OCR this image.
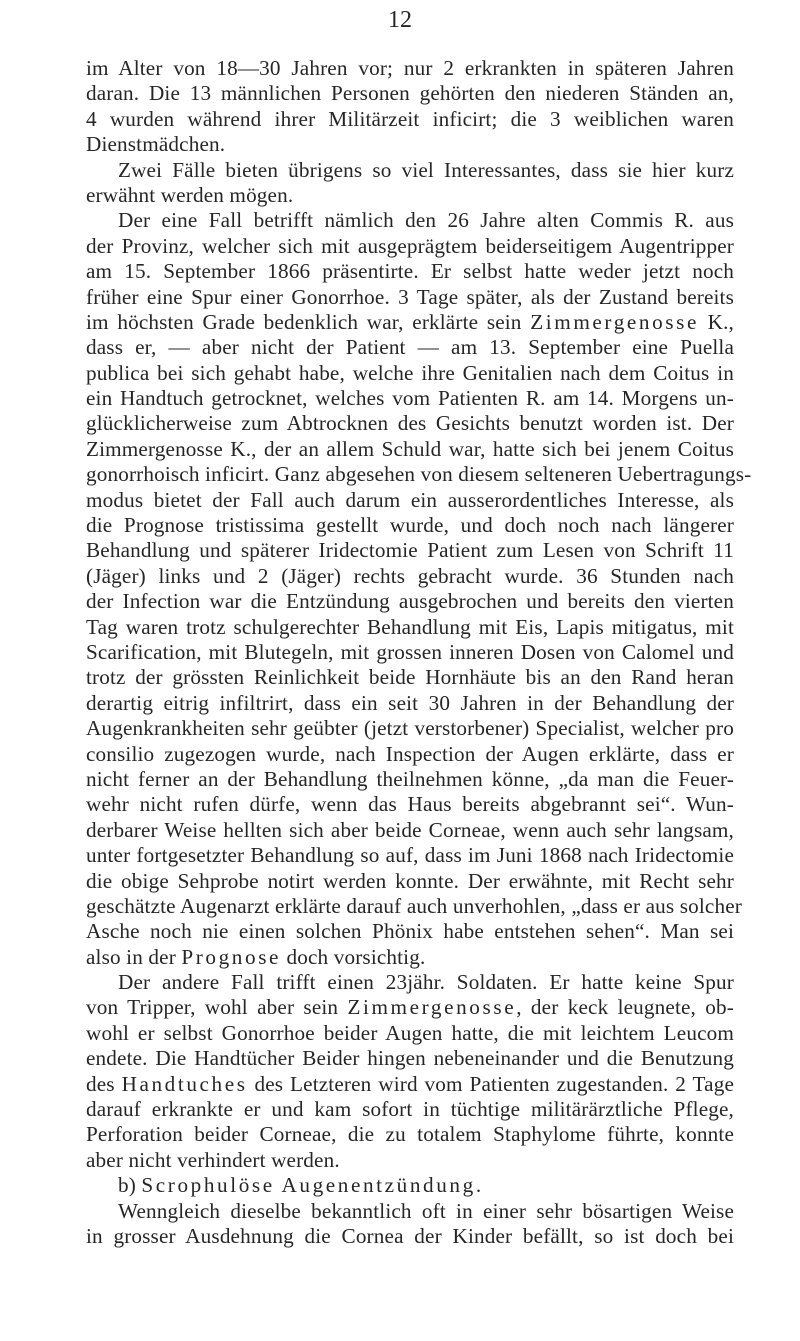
12
im Alter von 18—30 Jahren vor; nur 2 erkrankten in späteren Jahren
daran. Die 13 männlichen Personen gehörten den niederen Ständen an,
4 wurden während ihrer Militärzeit inficirt; die 3 weiblichen waren
Dienstmädchen.
Zwei Fälle bieten übrigens so viel Interessantes, dass sie hier kurz
erwähnt werden mögen.
Der eine Fall betrifft nämlich den 26 Jahre alten Commis R. aus
der Provinz, welcher sich mit ausgeprägtem beiderseitigem Augentripper
am 15. September 1866 präsentirte. Er selbst hatte weder jetzt noch
früher eine Spur einer Gonorrhoe. 3 Tage später, als der Zustand bereits
im höchsten Grade bedenklich war, erklärte sein Zimmergenosse K.,
dass er, — aber nicht der Patient — am 13. September eine Puella
publica bei sich gehabt habe, welche ihre Genitalien nach dem Coitus in
ein Handtuch getrocknet, welches vom Patienten R. am 14. Morgens un-
glücklicherweise zum Abtrocknen des Gesichts benutzt worden ist. Der
Zimmergenosse K., der an allem Schuld war, hatte sich bei jenem Coitus
gonorrhoisch inficirt. Ganz abgesehen von diesem selteneren Uebertragungs-
modus bietet der Fall auch darum ein ausserordentliches Interesse, als
die Prognose tristissima gestellt wurde, und doch noch nach längerer
Behandlung und späterer Iridectomie Patient zum Lesen von Schrift 11
(Jäger) links und 2 (Jäger) rechts gebracht wurde. 36 Stunden nach
der Infection war die Entzündung ausgebrochen und bereits den vierten
Tag waren trotz schulgerechter Behandlung mit Eis, Lapis mitigatus, mit
Scarification, mit Blutegeln, mit grossen inneren Dosen von Calomel und
trotz der grössten Reinlichkeit beide Hornhäute bis an den Rand heran
derartig eitrig infiltrirt, dass ein seit 30 Jahren in der Behandlung der
Augenkrankheiten sehr geübter (jetzt verstorbener) Specialist, welcher pro
consilio zugezogen wurde, nach Inspection der Augen erklärte, dass er
nicht ferner an der Behandlung theilnehmen könne, „da man die Feuer-
wehr nicht rufen dürfe, wenn das Haus bereits abgebrannt sei“. Wun-
derbarer Weise hellten sich aber beide Corneae, wenn auch sehr langsam,
unter fortgesetzter Behandlung so auf, dass im Juni 1868 nach Iridectomie
die obige Sehprobe notirt werden konnte. Der erwähnte, mit Recht sehr
geschätzte Augenarzt erklärte darauf auch unverhohlen, „dass er aus solcher
Asche noch nie einen solchen Phönix habe entstehen sehen“. Man sei
also in der Prognose doch vorsichtig.
Der andere Fall trifft einen 23jähr. Soldaten. Er hatte keine Spur
von Tripper, wohl aber sein Zimmergenosse, der keck leugnete, ob-
wohl er selbst Gonorrhoe beider Augen hatte, die mit leichtem Leucom
endete. Die Handtücher Beider hingen nebeneinander und die Benutzung
des Handtuches des Letzteren wird vom Patienten zugestanden. 2 Tage
darauf erkrankte er und kam sofort in tüchtige militärärztliche Pflege,
Perforation beider Corneae, die zu totalem Staphylome führte, konnte
aber nicht verhindert werden.
b) Scrophulöse Augenentzündung.
Wenngleich dieselbe bekanntlich oft in einer sehr bösartigen Weise
in grosser Ausdehnung die Cornea der Kinder befällt, so ist doch bei
